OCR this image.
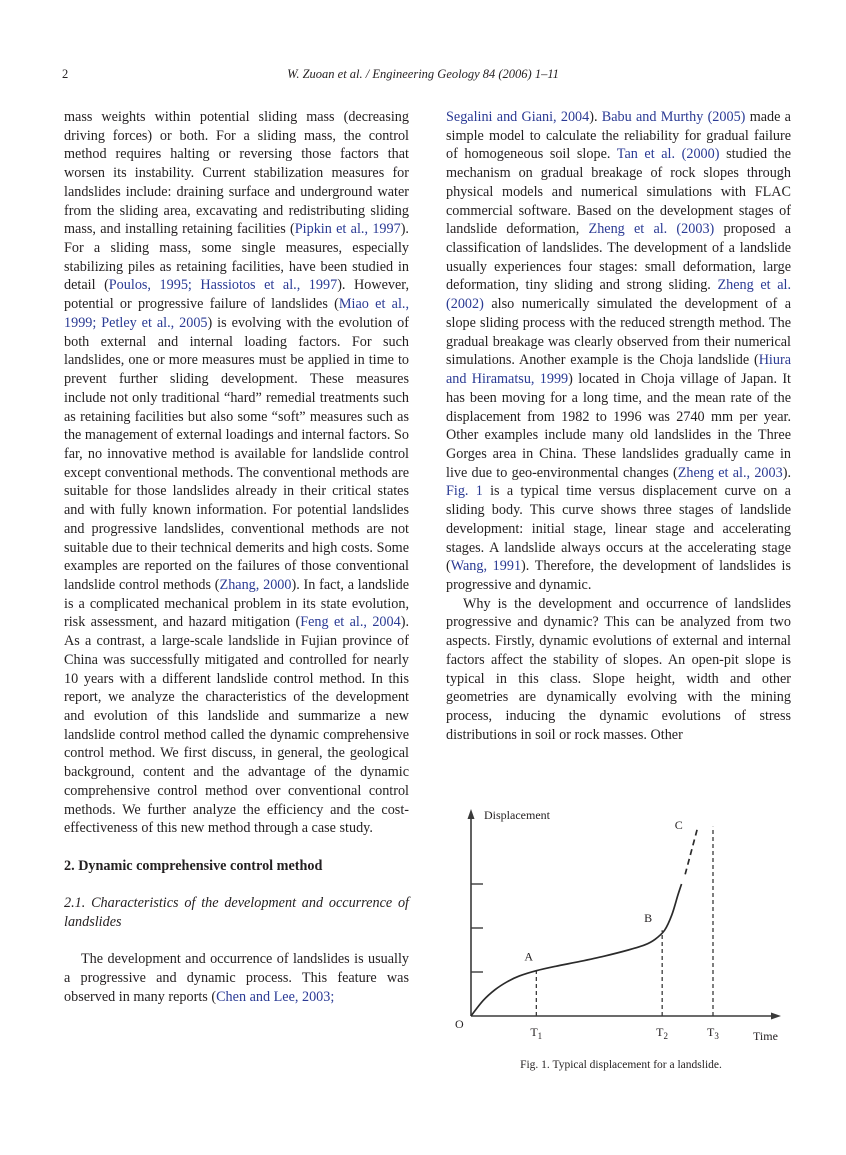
2	W. Zuoan et al. / Engineering Geology 84 (2006) 1–11

mass weights within potential sliding mass (decreasing driving forces) or both. For a sliding mass, the control method requires halting or reversing those factors that worsen its instability. Current stabilization measures for landslides include: draining surface and underground water from the sliding area, excavating and redistributing sliding mass, and installing retaining facilities (Pipkin et al., 1997). For a sliding mass, some single measures, especially stabilizing piles as retaining facilities, have been studied in detail (Poulos, 1995; Hassiotos et al., 1997). However, potential or progressive failure of landslides (Miao et al., 1999; Petley et al., 2005) is evolving with the evolution of both external and internal loading factors. For such landslides, one or more measures must be applied in time to prevent further sliding development. These measures include not only traditional “hard” remedial treatments such as retaining facilities but also some “soft” measures such as the management of external loadings and internal factors. So far, no innovative method is available for landslide control except conventional methods. The conventional methods are suitable for those landslides already in their critical states and with fully known information. For potential landslides and progressive landslides, conventional methods are not suitable due to their technical demerits and high costs. Some examples are reported on the failures of those conventional landslide control methods (Zhang, 2000). In fact, a landslide is a complicated mechanical problem in its state evolution, risk assessment, and hazard mitigation (Feng et al., 2004). As a contrast, a large-scale landslide in Fujian province of China was successfully mitigated and controlled for nearly 10 years with a different landslide control method. In this report, we analyze the characteristics of the development and evolution of this landslide and summarize a new landslide control method called the dynamic comprehensive control method. We first discuss, in general, the geological background, content and the advantage of the dynamic comprehensive control method over conventional control methods. We further analyze the efficiency and the cost-effectiveness of this new method through a case study.

2. Dynamic comprehensive control method

2.1. Characteristics of the development and occurrence of landslides

The development and occurrence of landslides is usually a progressive and dynamic process. This feature was observed in many reports (Chen and Lee, 2003;

Segalini and Giani, 2004). Babu and Murthy (2005) made a simple model to calculate the reliability for gradual failure of homogeneous soil slope. Tan et al. (2000) studied the mechanism on gradual breakage of rock slopes through physical models and numerical simulations with FLAC commercial software. Based on the development stages of landslide deformation, Zheng et al. (2003) proposed a classification of landslides. The development of a landslide usually experiences four stages: small deformation, large deformation, tiny sliding and strong sliding. Zheng et al. (2002) also numerically simulated the development of a slope sliding process with the reduced strength method. The gradual breakage was clearly observed from their numerical simulations. Another example is the Choja landslide (Hiura and Hiramatsu, 1999) located in Choja village of Japan. It has been moving for a long time, and the mean rate of the displacement from 1982 to 1996 was 2740 mm per year. Other examples include many old landslides in the Three Gorges area in China. These landslides gradually came in live due to geo-environmental changes (Zheng et al., 2003). Fig. 1 is a typical time versus displacement curve on a sliding body. This curve shows three stages of landslide development: initial stage, linear stage and accelerating stages. A landslide always occurs at the accelerating stage (Wang, 1991). Therefore, the development of landslides is progressive and dynamic.

Why is the development and occurrence of landslides progressive and dynamic? This can be analyzed from two aspects. Firstly, dynamic evolutions of external and internal factors affect the stability of slopes. An open-pit slope is typical in this class. Slope height, width and other geometries are dynamically evolving with the mining process, inducing the dynamic evolutions of stress distributions in soil or rock masses. Other

Displacement
Time
O
$T_1$	$T_2$	$T_3$
A
B
C
Fig. 1. Typical displacement for a landslide.
